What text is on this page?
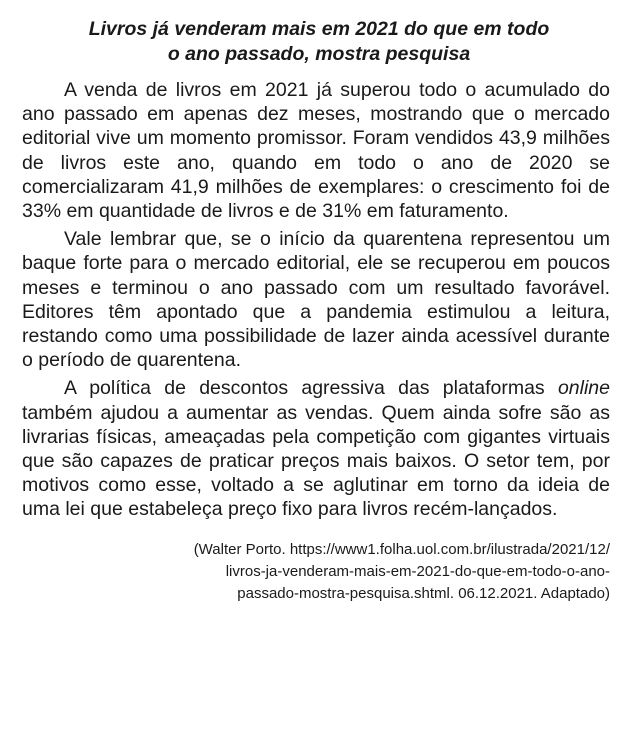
Livros já venderam mais em 2021 do que em todo
o ano passado, mostra pesquisa

A venda de livros em 2021 já superou todo o acumulado do ano passado em apenas dez meses, mostrando que o mercado editorial vive um momento promissor. Foram vendidos 43,9 milhões de livros este ano, quando em todo o ano de 2020 se comercializaram 41,9 milhões de exemplares: o crescimento foi de 33% em quantidade de livros e de 31% em faturamento.

Vale lembrar que, se o início da quarentena representou um baque forte para o mercado editorial, ele se recuperou em poucos meses e terminou o ano passado com um resultado favorável. Editores têm apontado que a pandemia estimulou a leitura, restando como uma possibilidade de lazer ainda acessível durante o período de quarentena.

A política de descontos agressiva das plataformas online também ajudou a aumentar as vendas. Quem ainda sofre são as livrarias físicas, ameaçadas pela competição com gigantes virtuais que são capazes de praticar preços mais baixos. O setor tem, por motivos como esse, voltado a se aglutinar em torno da ideia de uma lei que estabeleça preço fixo para livros recém-lançados.

(Walter Porto. https://www1.folha.uol.com.br/ilustrada/2021/12/
livros-ja-venderam-mais-em-2021-do-que-em-todo-o-ano-
passado-mostra-pesquisa.shtml. 06.12.2021. Adaptado)
